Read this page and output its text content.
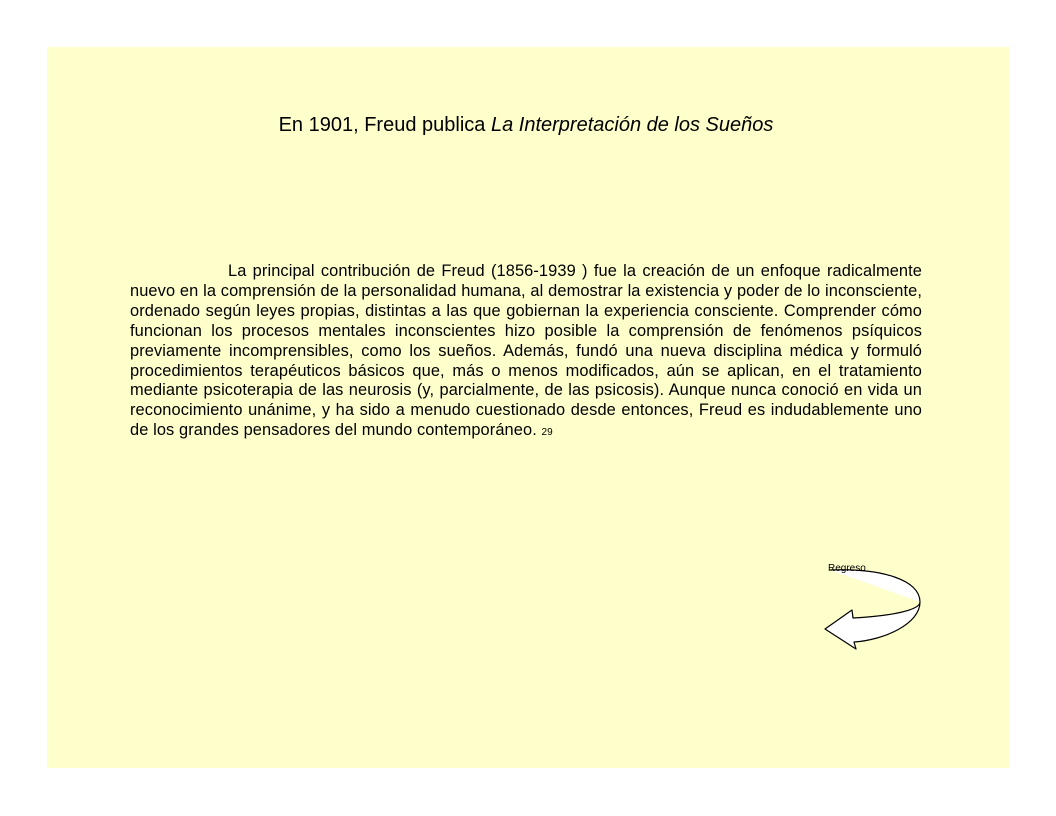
En 1901, Freud publica La Interpretación de los Sueños
La principal contribución de Freud (1856-1939 ) fue la creación de un enfoque radicalmente nuevo en la comprensión de la personalidad humana, al demostrar la existencia y poder de lo inconsciente, ordenado según leyes propias, distintas a las que gobiernan la experiencia consciente. Comprender cómo funcionan los procesos mentales inconscientes hizo posible la comprensión de fenómenos psíquicos previamente incomprensibles, como los sueños. Además, fundó una nueva disciplina médica y formuló procedimientos terapéuticos básicos que, más o menos modificados, aún se aplican, en el tratamiento mediante psicoterapia de las neurosis (y, parcialmente, de las psicosis). Aunque nunca conoció en vida un reconocimiento unánime, y ha sido a menudo cuestionado desde entonces, Freud es indudablemente uno de los grandes pensadores del mundo contemporáneo. 29
Regreso
